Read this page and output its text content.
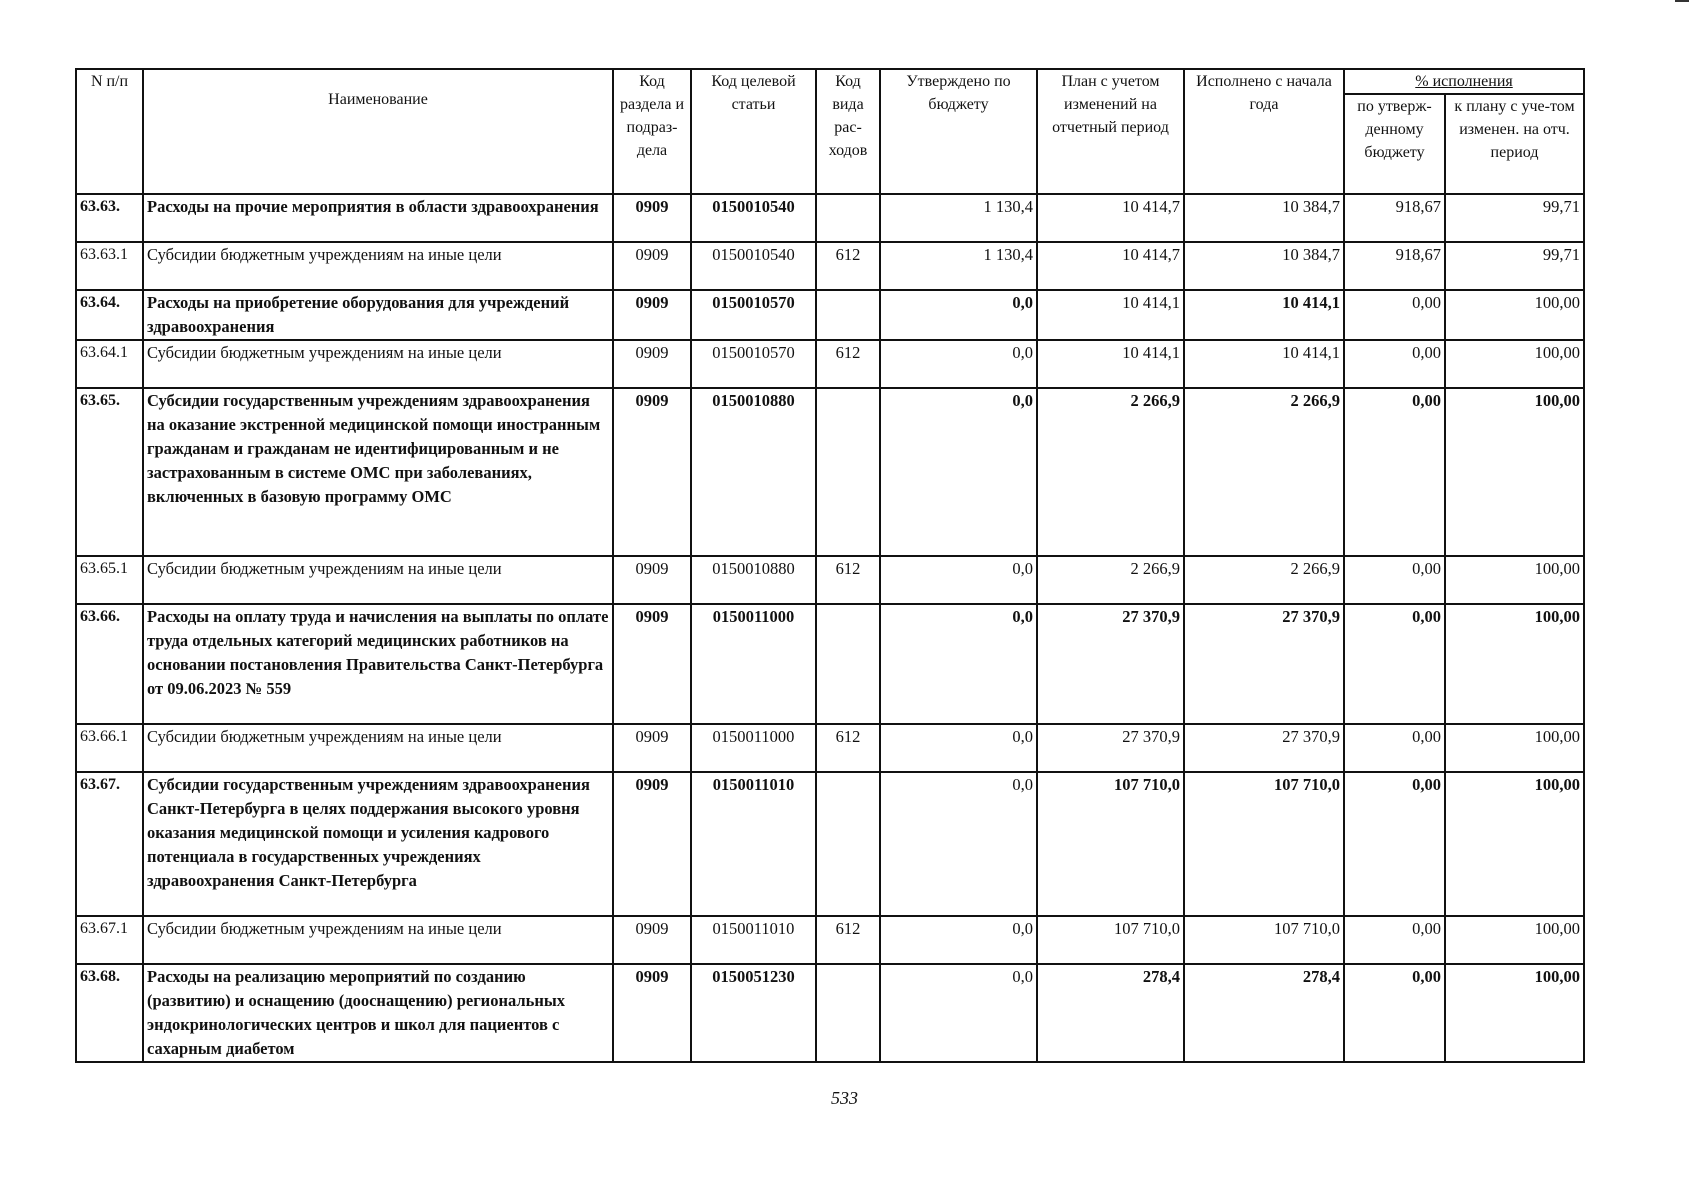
N п/п	Наименование	Код раздела и подраз-дела	Код целевой статьи	Код вида рас-ходов	Утверждено по бюджету	План с учетом изменений на отчетный период	Исполнено с начала года	% исполнения	
								по утверж-денному бюджету	к плану с уче-том изменен. на отч. период
63.63.	Расходы на прочие мероприятия в области здравоохранения	0909	0150010540		1 130,4	10 414,7	10 384,7	918,67	99,71
63.63.1	Субсидии бюджетным учреждениям на иные цели	0909	0150010540	612	1 130,4	10 414,7	10 384,7	918,67	99,71
63.64.	Расходы на приобретение оборудования для учреждений здравоохранения	0909	0150010570		0,0	10 414,1	10 414,1	0,00	100,00
63.64.1	Субсидии бюджетным учреждениям на иные цели	0909	0150010570	612	0,0	10 414,1	10 414,1	0,00	100,00
63.65.	Субсидии государственным учреждениям здравоохранения на оказание экстренной медицинской помощи иностранным гражданам и гражданам не идентифицированным и не застрахованным в системе ОМС при заболеваниях, включенных в базовую программу ОМС	0909	0150010880		0,0	2 266,9	2 266,9	0,00	100,00
63.65.1	Субсидии бюджетным учреждениям на иные цели	0909	0150010880	612	0,0	2 266,9	2 266,9	0,00	100,00
63.66.	Расходы на оплату труда и начисления на выплаты по оплате труда отдельных категорий медицинских работников на основании постановления Правительства Санкт-Петербурга от 09.06.2023 № 559	0909	0150011000		0,0	27 370,9	27 370,9	0,00	100,00
63.66.1	Субсидии бюджетным учреждениям на иные цели	0909	0150011000	612	0,0	27 370,9	27 370,9	0,00	100,00
63.67.	Субсидии государственным учреждениям здравоохранения Санкт-Петербурга в целях поддержания высокого уровня оказания медицинской помощи и усиления кадрового потенциала в государственных учреждениях здравоохранения Санкт-Петербурга	0909	0150011010		0,0	107 710,0	107 710,0	0,00	100,00
63.67.1	Субсидии бюджетным учреждениям на иные цели	0909	0150011010	612	0,0	107 710,0	107 710,0	0,00	100,00
63.68.	Расходы на реализацию мероприятий по созданию (развитию) и оснащению (дооснащению) региональных эндокринологических центров и школ для пациентов с сахарным диабетом	0909	0150051230		0,0	278,4	278,4	0,00	100,00
533
